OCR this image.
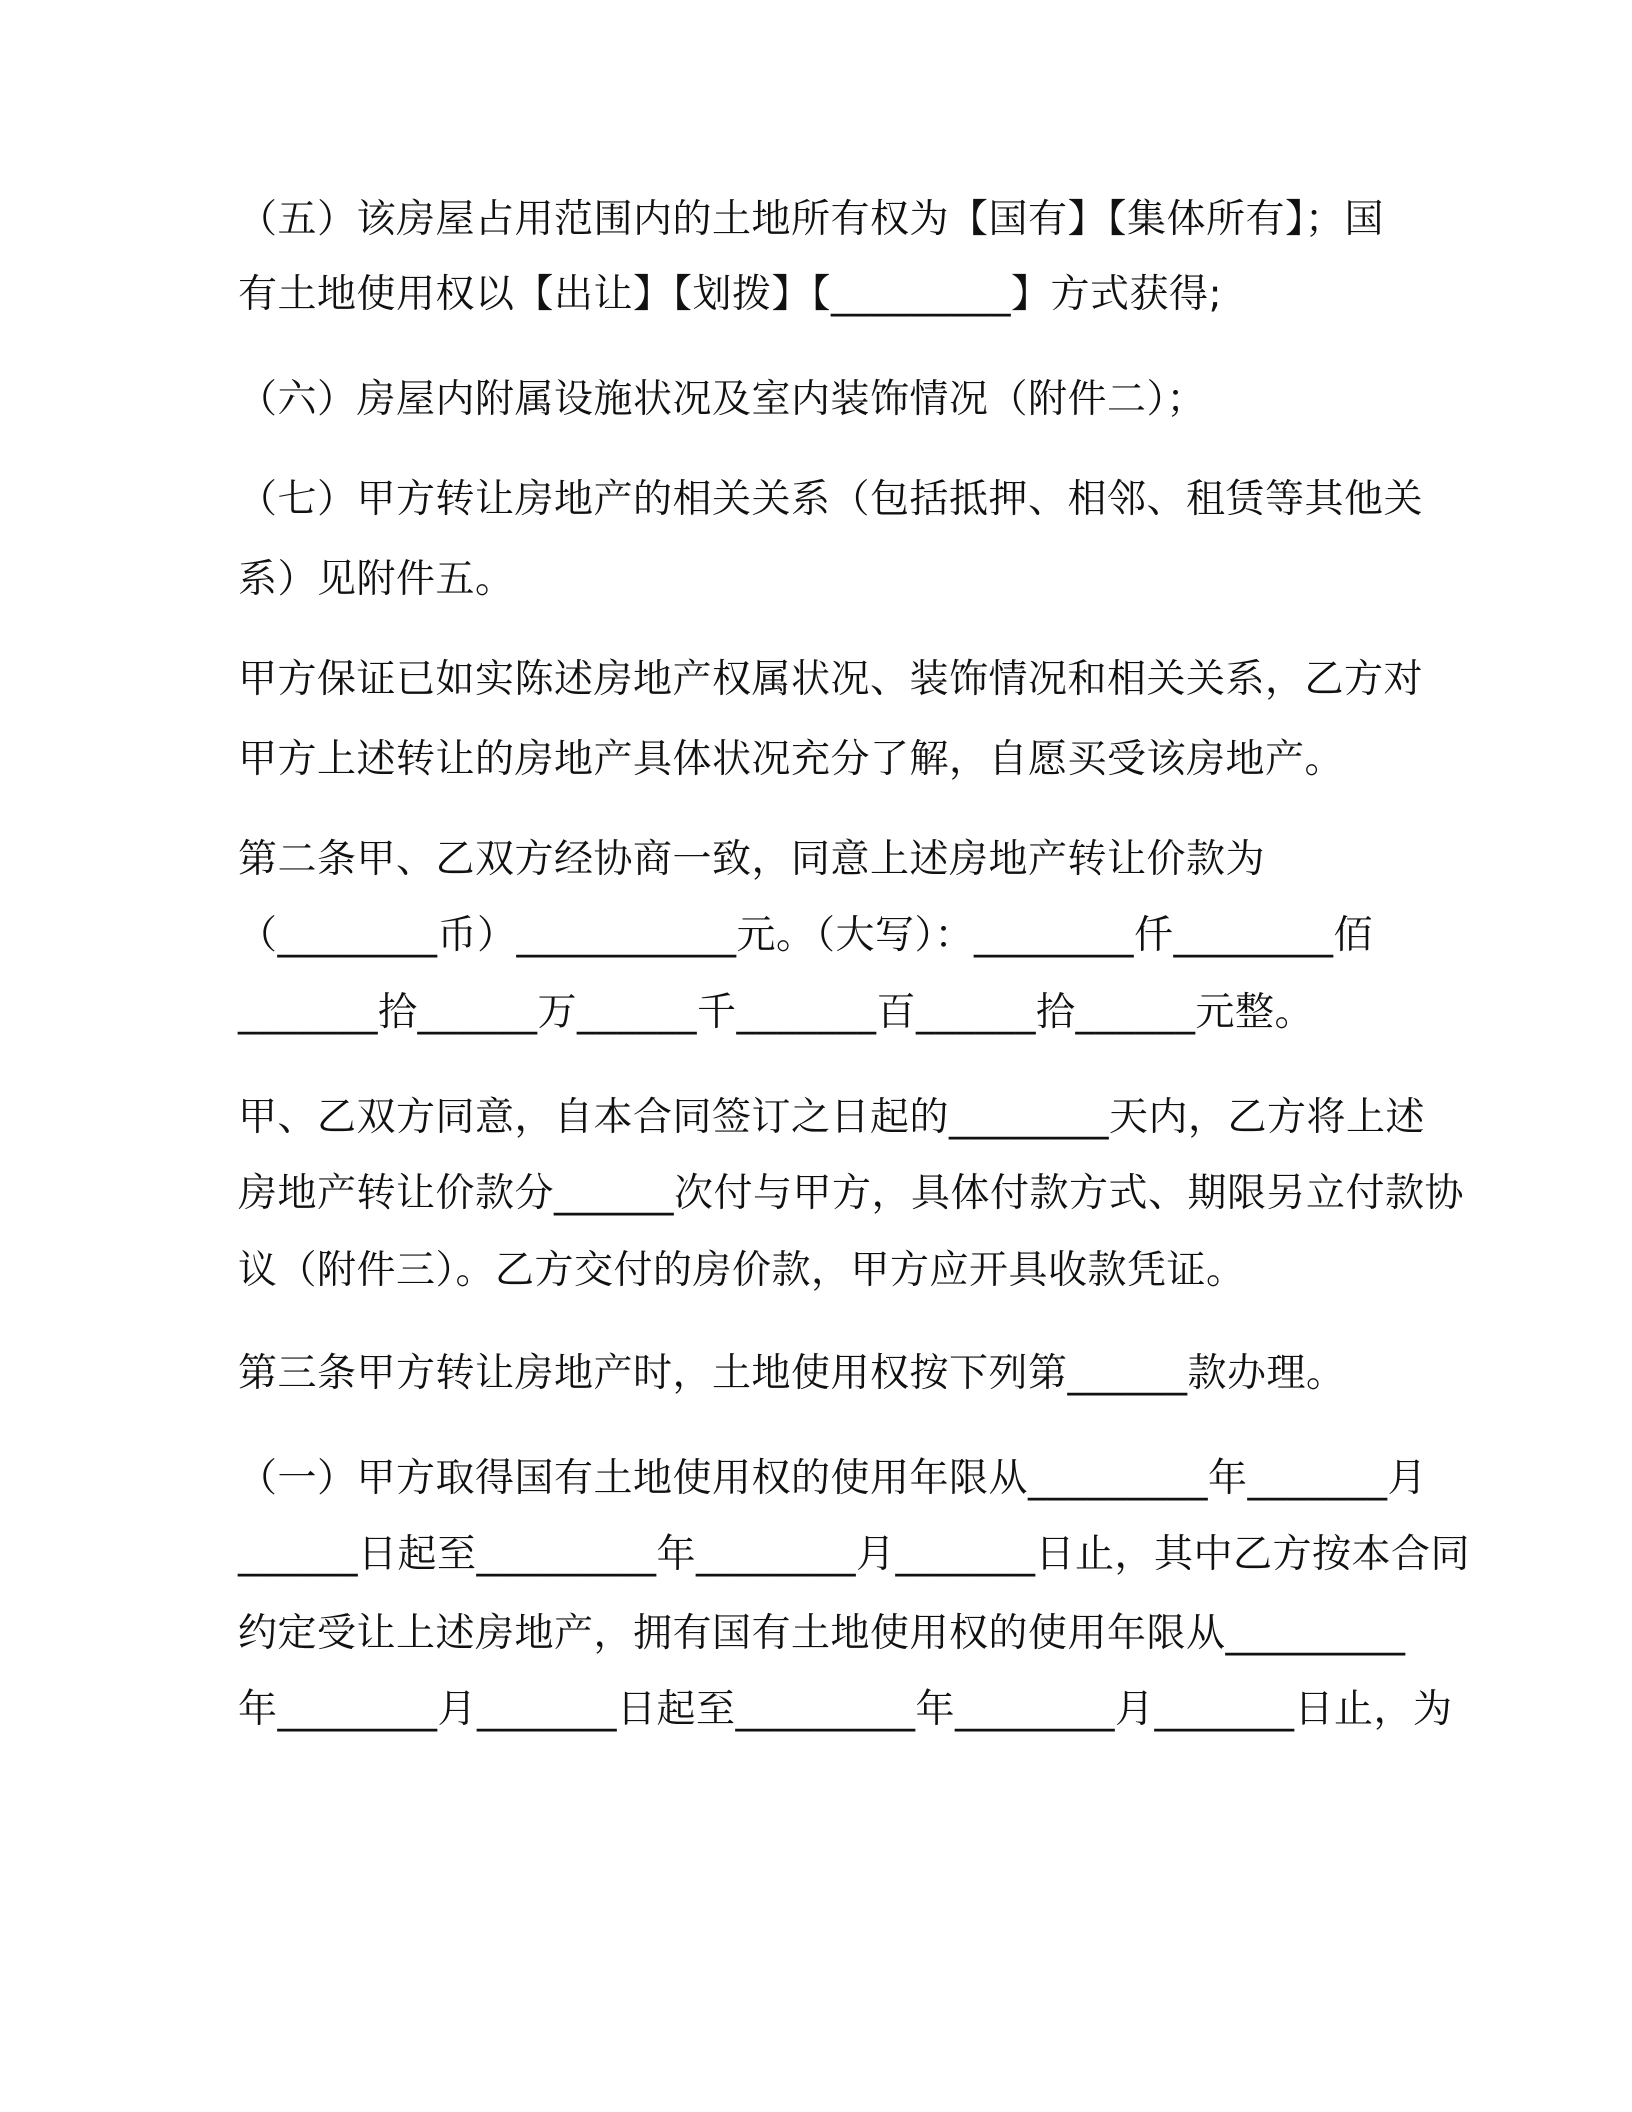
（五）该房屋占用范围内的土地所有权为【国有】【集体所有】；国
有土地使用权以【出让】【划拨】【_________】方式获得;
（六）房屋内附属设施状况及室内装饰情况（附件二）；
（七）甲方转让房地产的相关关系（包括抵押、相邻、租赁等其他关
系）见附件五。
甲方保证已如实陈述房地产权属状况、装饰情况和相关关系，乙方对
甲方上述转让的房地产具体状况充分了解，自愿买受该房地产。
第二条甲、乙双方经协商一致，同意上述房地产转让价款为
（________币）___________元。（大写）：________仟________佰
_______拾______万______千_______百______拾______元整。
甲、乙双方同意，自本合同签订之日起的________天内，乙方将上述
房地产转让价款分______次付与甲方，具体付款方式、期限另立付款协
议（附件三）。乙方交付的房价款，甲方应开具收款凭证。
第三条甲方转让房地产时，土地使用权按下列第______款办理。
（一）甲方取得国有土地使用权的使用年限从_________年_______月
______日起至_________年________月_______日止，其中乙方按本合同
约定受让上述房地产，拥有国有土地使用权的使用年限从_________
年________月_______日起至_________年________月_______日止，为
